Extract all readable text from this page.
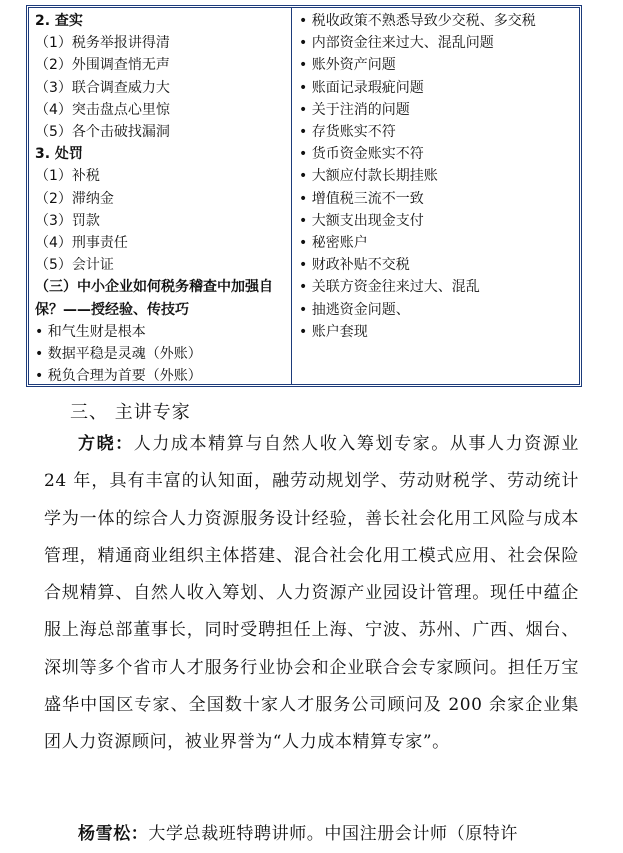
2. 查实
（1）税务举报讲得清
（2）外围调查悄无声
（3）联合调查威力大
（4）突击盘点心里惊
（5）各个击破找漏洞
3. 处罚
（1）补税
（2）滞纳金
（3）罚款
（4）刑事责任
（5）会计证
（三）中小企业如何税务稽查中加强自保？——授经验、传技巧
• 和气生财是根本
• 数据平稳是灵魂（外账）
• 税负合理为首要（外账）
• 税收政策不熟悉导致少交税、多交税
• 内部资金往来过大、混乱问题
• 账外资产问题
• 账面记录瑕疵问题
• 关于注消的问题
• 存货账实不符
• 货币资金账实不符
• 大额应付款长期挂账
• 增值税三流不一致
• 大额支出现金支付
• 秘密账户
• 财政补贴不交税
• 关联方资金往来过大、混乱
• 抽逃资金问题、
• 账户套现
三、 主讲专家
方晓：人力成本精算与自然人收入筹划专家。从事人力资源业 24 年，具有丰富的认知面，融劳动规划学、劳动财税学、劳动统计学为一体的综合人力资源服务设计经验，善长社会化用工风险与成本管理，精通商业组织主体搭建、混合社会化用工模式应用、社会保险合规精算、自然人收入筹划、人力资源产业园设计管理。现任中蕴企服上海总部董事长，同时受聘担任上海、宁波、苏州、广西、烟台、深圳等多个省市人才服务行业协会和企业联合会专家顾问。担任万宝盛华中国区专家、全国数十家人才服务公司顾问及 200 余家企业集团人力资源顾问，被业界誉为“人力成本精算专家”。
杨雪松：大学总裁班特聘讲师。中国注册会计师（原特许
